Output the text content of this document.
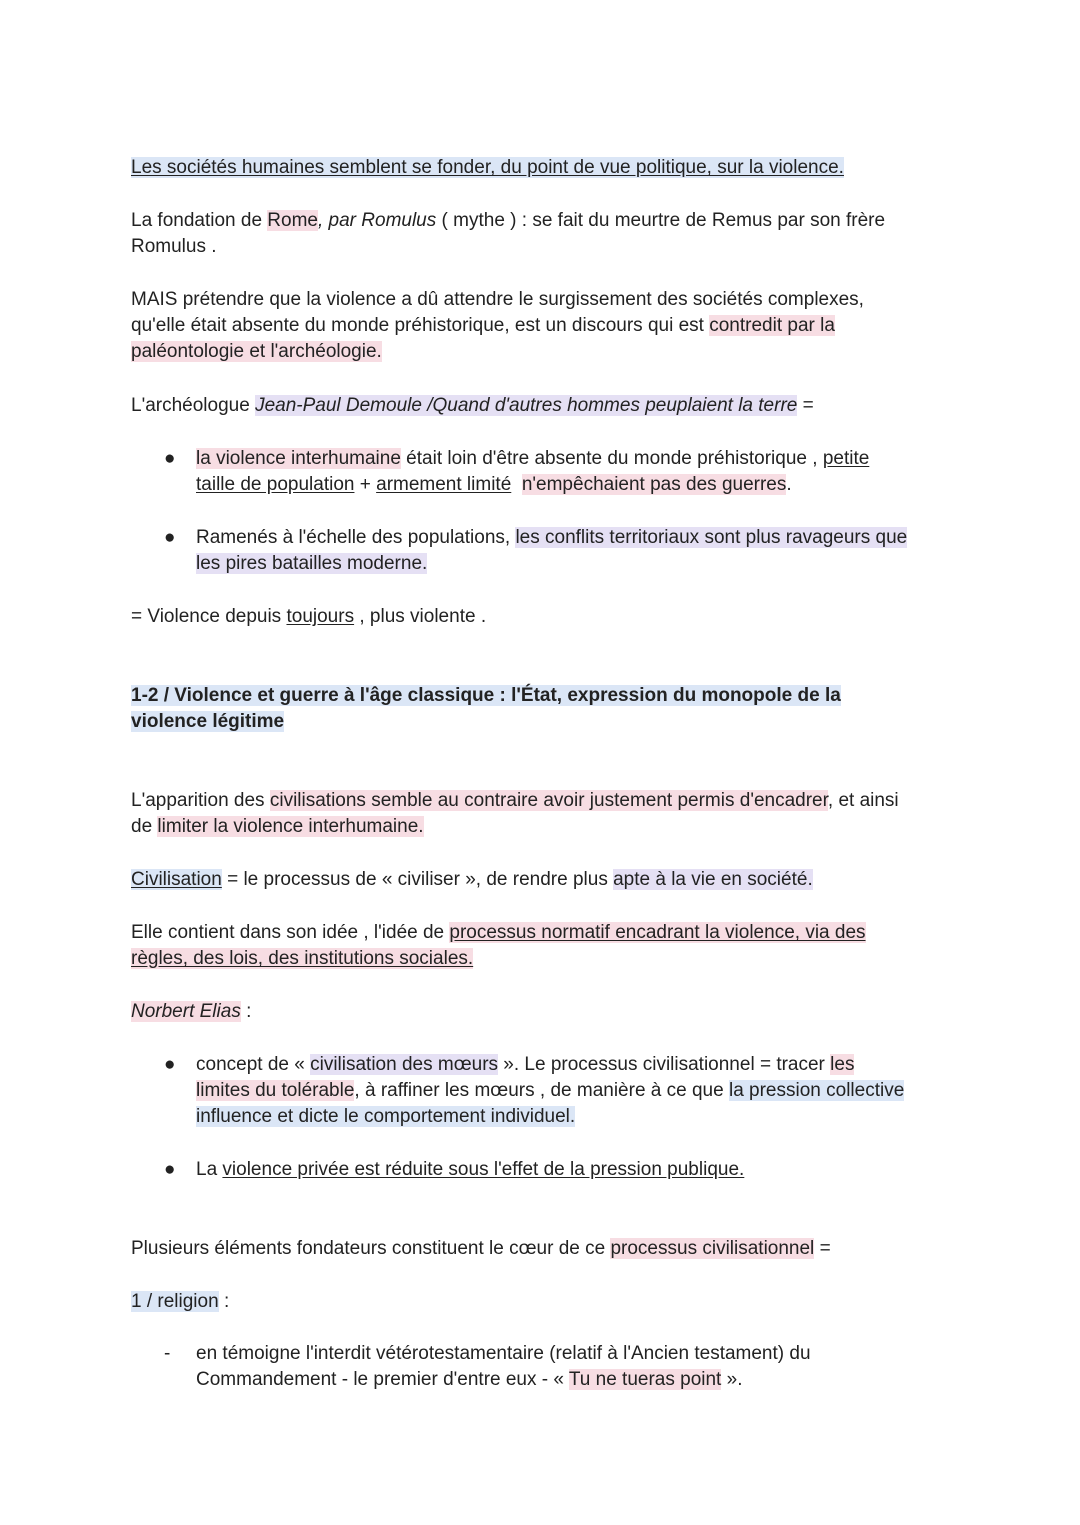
Les sociétés humaines semblent se fonder, du point de vue politique, sur la violence.

La fondation de Rome, par Romulus ( mythe ) : se fait du meurtre de Remus par son frère
Romulus .

MAIS prétendre que la violence a dû attendre le surgissement des sociétés complexes,
qu'elle était absente du monde préhistorique, est un discours qui est contredit par la
paléontologie et l'archéologie.

L'archéologue Jean-Paul Demoule /Quand d'autres hommes peuplaient la terre =

● la violence interhumaine était loin d'être absente du monde préhistorique , petite
taille de population + armement limité n'empêchaient pas des guerres.

● Ramenés à l'échelle des populations, les conflits territoriaux sont plus ravageurs que
les pires batailles moderne.

= Violence depuis toujours , plus violente .

1-2 / Violence et guerre à l'âge classique : l'État, expression du monopole de la
violence légitime

L'apparition des civilisations semble au contraire avoir justement permis d'encadrer, et ainsi
de limiter la violence interhumaine.

Civilisation = le processus de « civiliser », de rendre plus apte à la vie en société.

Elle contient dans son idée , l'idée de processus normatif encadrant la violence, via des
règles, des lois, des institutions sociales.

Norbert Elias :

● concept de « civilisation des mœurs ». Le processus civilisationnel = tracer les
limites du tolérable, à raffiner les mœurs , de manière à ce que la pression collective
influence et dicte le comportement individuel.

● La violence privée est réduite sous l'effet de la pression publique.

Plusieurs éléments fondateurs constituent le cœur de ce processus civilisationnel =

1 / religion :

- en témoigne l'interdit vétérotestamentaire (relatif à l'Ancien testament) du
Commandement - le premier d'entre eux - « Tu ne tueras point ».
